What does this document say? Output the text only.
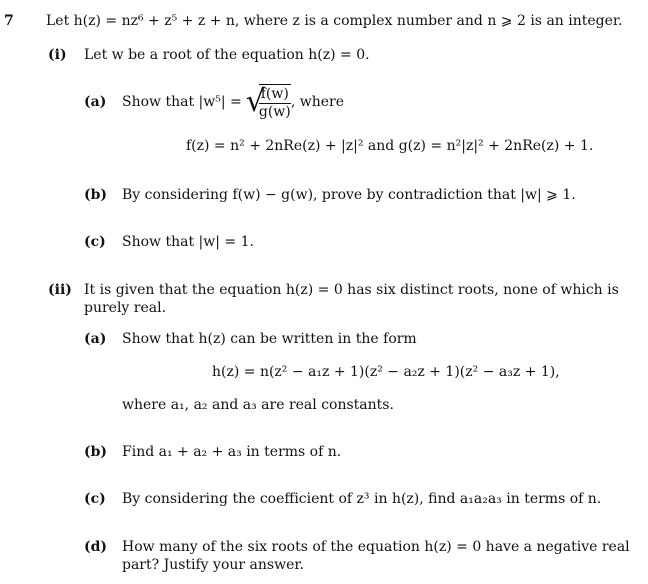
7 Let h(z) = nz⁶ + z⁵ + z + n, where z is a complex number and n ⩾ 2 is an integer.
(i) Let w be a root of the equation h(z) = 0.
(a) Show that |w⁵| = √
$\frac{f(w)}{g(w)}$ , where
f(z) = n² + 2nRe(z) + |z|² and g(z) = n²|z|² + 2nRe(z) + 1.
(b) By considering f(w) − g(w), prove by contradiction that |w| ⩾ 1.
(c) Show that |w| = 1.
(ii) It is given that the equation h(z) = 0 has six distinct roots, none of which is purely real.
(a) Show that h(z) can be written in the form
h(z) = n(z² − a₁z + 1)(z² − a₂z + 1)(z² − a₃z + 1),
where a₁, a₂ and a₃ are real constants.
(b) Find a₁ + a₂ + a₃ in terms of n.
(c) By considering the coefficient of z³ in h(z), find a₁a₂a₃ in terms of n.
(d) How many of the six roots of the equation h(z) = 0 have a negative real part? Justify your answer.
